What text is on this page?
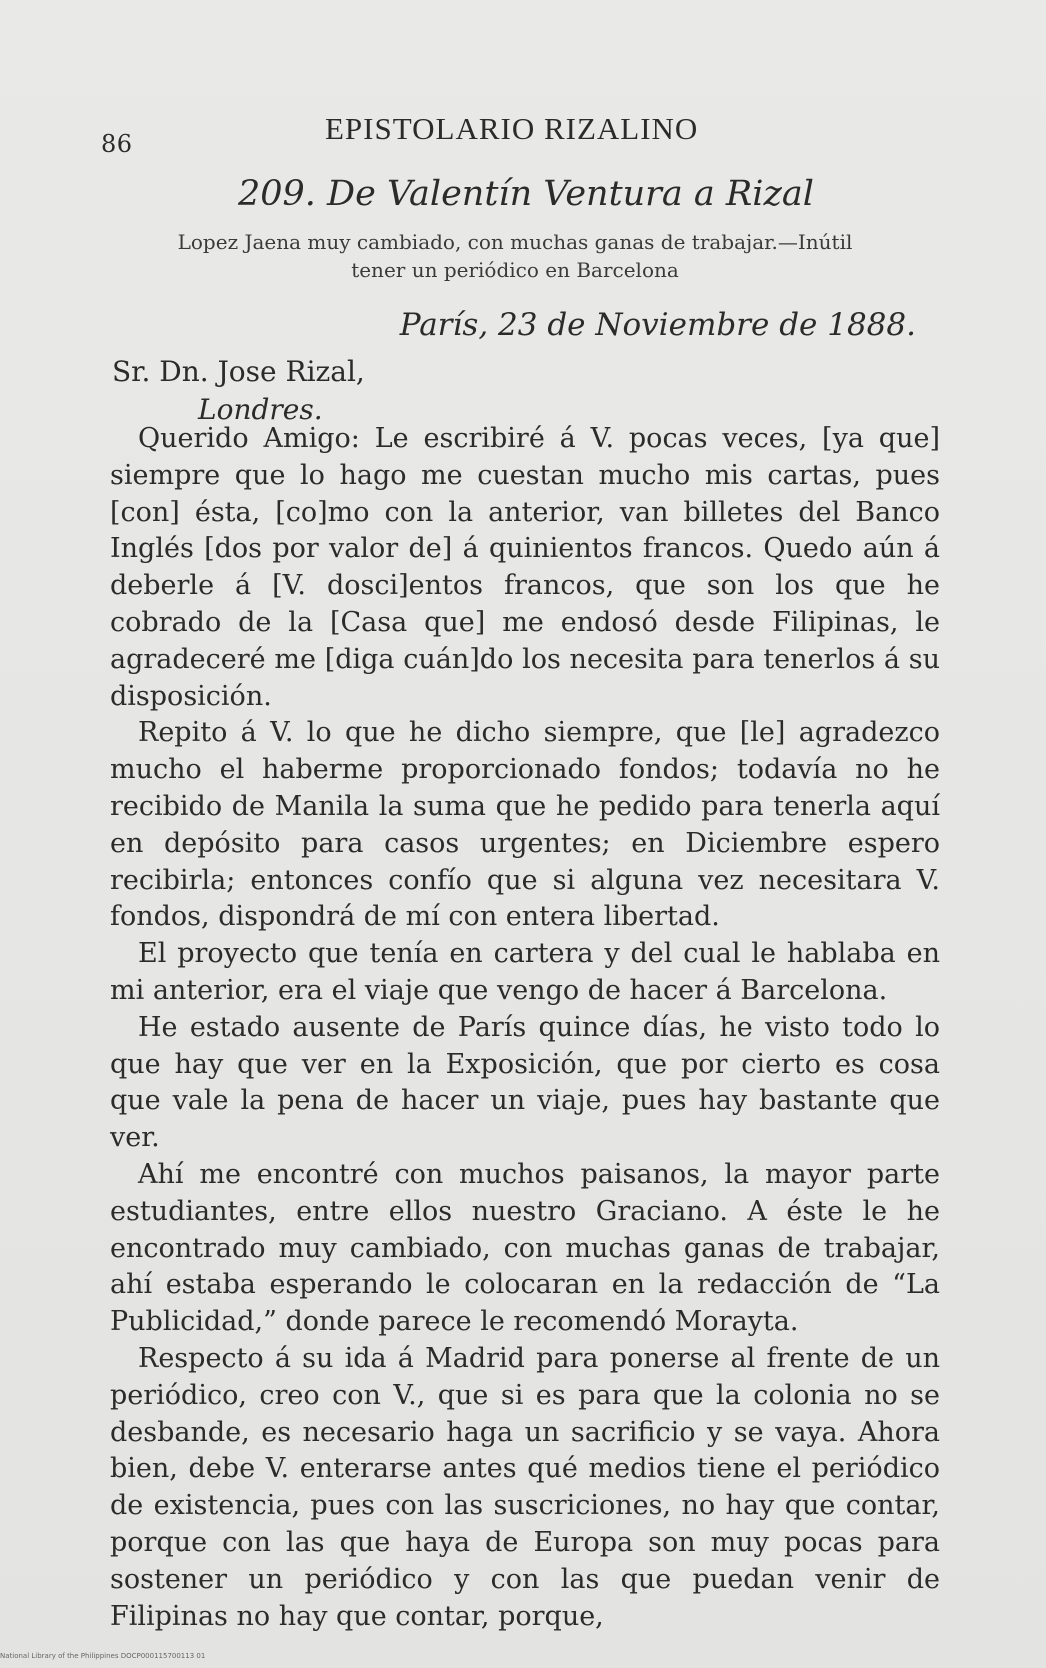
86	EPISTOLARIO RIZALINO
209. De Valentín Ventura a Rizal
Lopez Jaena muy cambiado, con muchas ganas de trabajar.—Inútil
tener un periódico en Barcelona
París, 23 de Noviembre de 1888.
Sr. Dn. Jose Rizal,
Londres.

Querido Amigo: Le escribiré á V. pocas veces, [ya que] siempre que lo hago me cuestan mucho mis cartas, pues [con] ésta, [co]mo con la anterior, van billetes del Banco Inglés [dos por valor de] á quinientos francos. Quedo aún á deberle á [V. dosci]entos francos, que son los que he cobrado de la [Casa que] me endosó desde Filipinas, le agradeceré me [diga cuán]do los necesita para tenerlos á su disposición.

Repito á V. lo que he dicho siempre, que [le] agradezco mucho el haberme proporcionado fondos; todavía no he recibido de Manila la suma que he pedido para tenerla aquí en depósito para casos urgentes; en Diciembre espero recibirla; entonces confío que si alguna vez necesitara V. fondos, dispondrá de mí con entera libertad.

El proyecto que tenía en cartera y del cual le hablaba en mi anterior, era el viaje que vengo de hacer á Barcelona.

He estado ausente de París quince días, he visto todo lo que hay que ver en la Exposición, que por cierto es cosa que vale la pena de hacer un viaje, pues hay bastante que ver.

Ahí me encontré con muchos paisanos, la mayor parte estudiantes, entre ellos nuestro Graciano. A éste le he encontrado muy cambiado, con muchas ganas de trabajar, ahí estaba esperando le colocaran en la redacción de “La Publicidad,” donde parece le recomendó Morayta.

Respecto á su ida á Madrid para ponerse al frente de un periódico, creo con V., que si es para que la colonia no se desbande, es necesario haga un sacrificio y se vaya. Ahora bien, debe V. enterarse antes qué medios tiene el periódico de existencia, pues con las suscriciones, no hay que contar, porque con las que haya de Europa son muy pocas para sostener un periódico y con las que puedan venir de Filipinas no hay que contar, porque,

National Library of the Philippines DOCP000115700113 01
